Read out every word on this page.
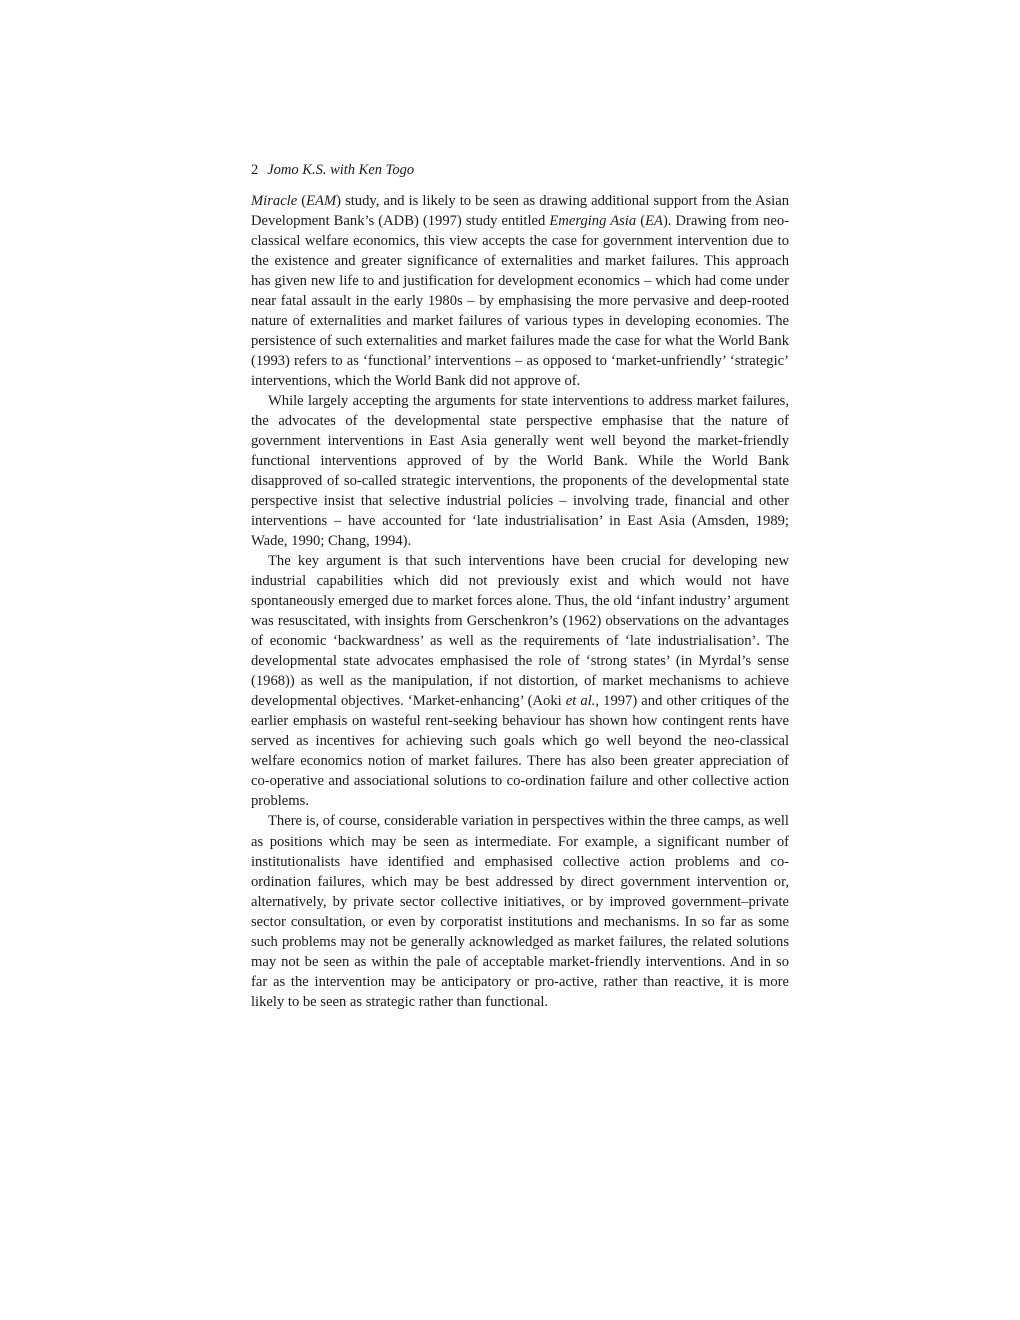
2 Jomo K.S. with Ken Togo

Miracle (EAM) study, and is likely to be seen as drawing additional support from the Asian Development Bank’s (ADB) (1997) study entitled Emerging Asia (EA). Drawing from neo-classical welfare economics, this view accepts the case for government intervention due to the existence and greater significance of externalities and market failures. This approach has given new life to and justification for development economics – which had come under near fatal assault in the early 1980s – by emphasising the more pervasive and deep-rooted nature of externalities and market failures of various types in developing economies. The persistence of such externalities and market failures made the case for what the World Bank (1993) refers to as ‘functional’ interventions – as opposed to ‘market-unfriendly’ ‘strategic’ interventions, which the World Bank did not approve of.

While largely accepting the arguments for state interventions to address market failures, the advocates of the developmental state perspective emphasise that the nature of government interventions in East Asia generally went well beyond the market-friendly functional interventions approved of by the World Bank. While the World Bank disapproved of so-called strategic interventions, the proponents of the developmental state perspective insist that selective industrial policies – involving trade, financial and other interventions – have accounted for ‘late industrialisation’ in East Asia (Amsden, 1989; Wade, 1990; Chang, 1994).

The key argument is that such interventions have been crucial for developing new industrial capabilities which did not previously exist and which would not have spontaneously emerged due to market forces alone. Thus, the old ‘infant industry’ argument was resuscitated, with insights from Gerschenkron’s (1962) observations on the advantages of economic ‘backwardness’ as well as the requirements of ‘late industrialisation’. The developmental state advocates emphasised the role of ‘strong states’ (in Myrdal’s sense (1968)) as well as the manipulation, if not distortion, of market mechanisms to achieve developmental objectives. ‘Market-enhancing’ (Aoki et al., 1997) and other critiques of the earlier emphasis on wasteful rent-seeking behaviour has shown how contingent rents have served as incentives for achieving such goals which go well beyond the neo-classical welfare economics notion of market failures. There has also been greater appreciation of co-operative and associational solutions to co-ordination failure and other collective action problems.

There is, of course, considerable variation in perspectives within the three camps, as well as positions which may be seen as intermediate. For example, a significant number of institutionalists have identified and emphasised collective action problems and co-ordination failures, which may be best addressed by direct government intervention or, alternatively, by private sector collective initiatives, or by improved government–private sector consultation, or even by corporatist institutions and mechanisms. In so far as some such problems may not be generally acknowledged as market failures, the related solutions may not be seen as within the pale of acceptable market-friendly interventions. And in so far as the intervention may be anticipatory or pro-active, rather than reactive, it is more likely to be seen as strategic rather than functional.
